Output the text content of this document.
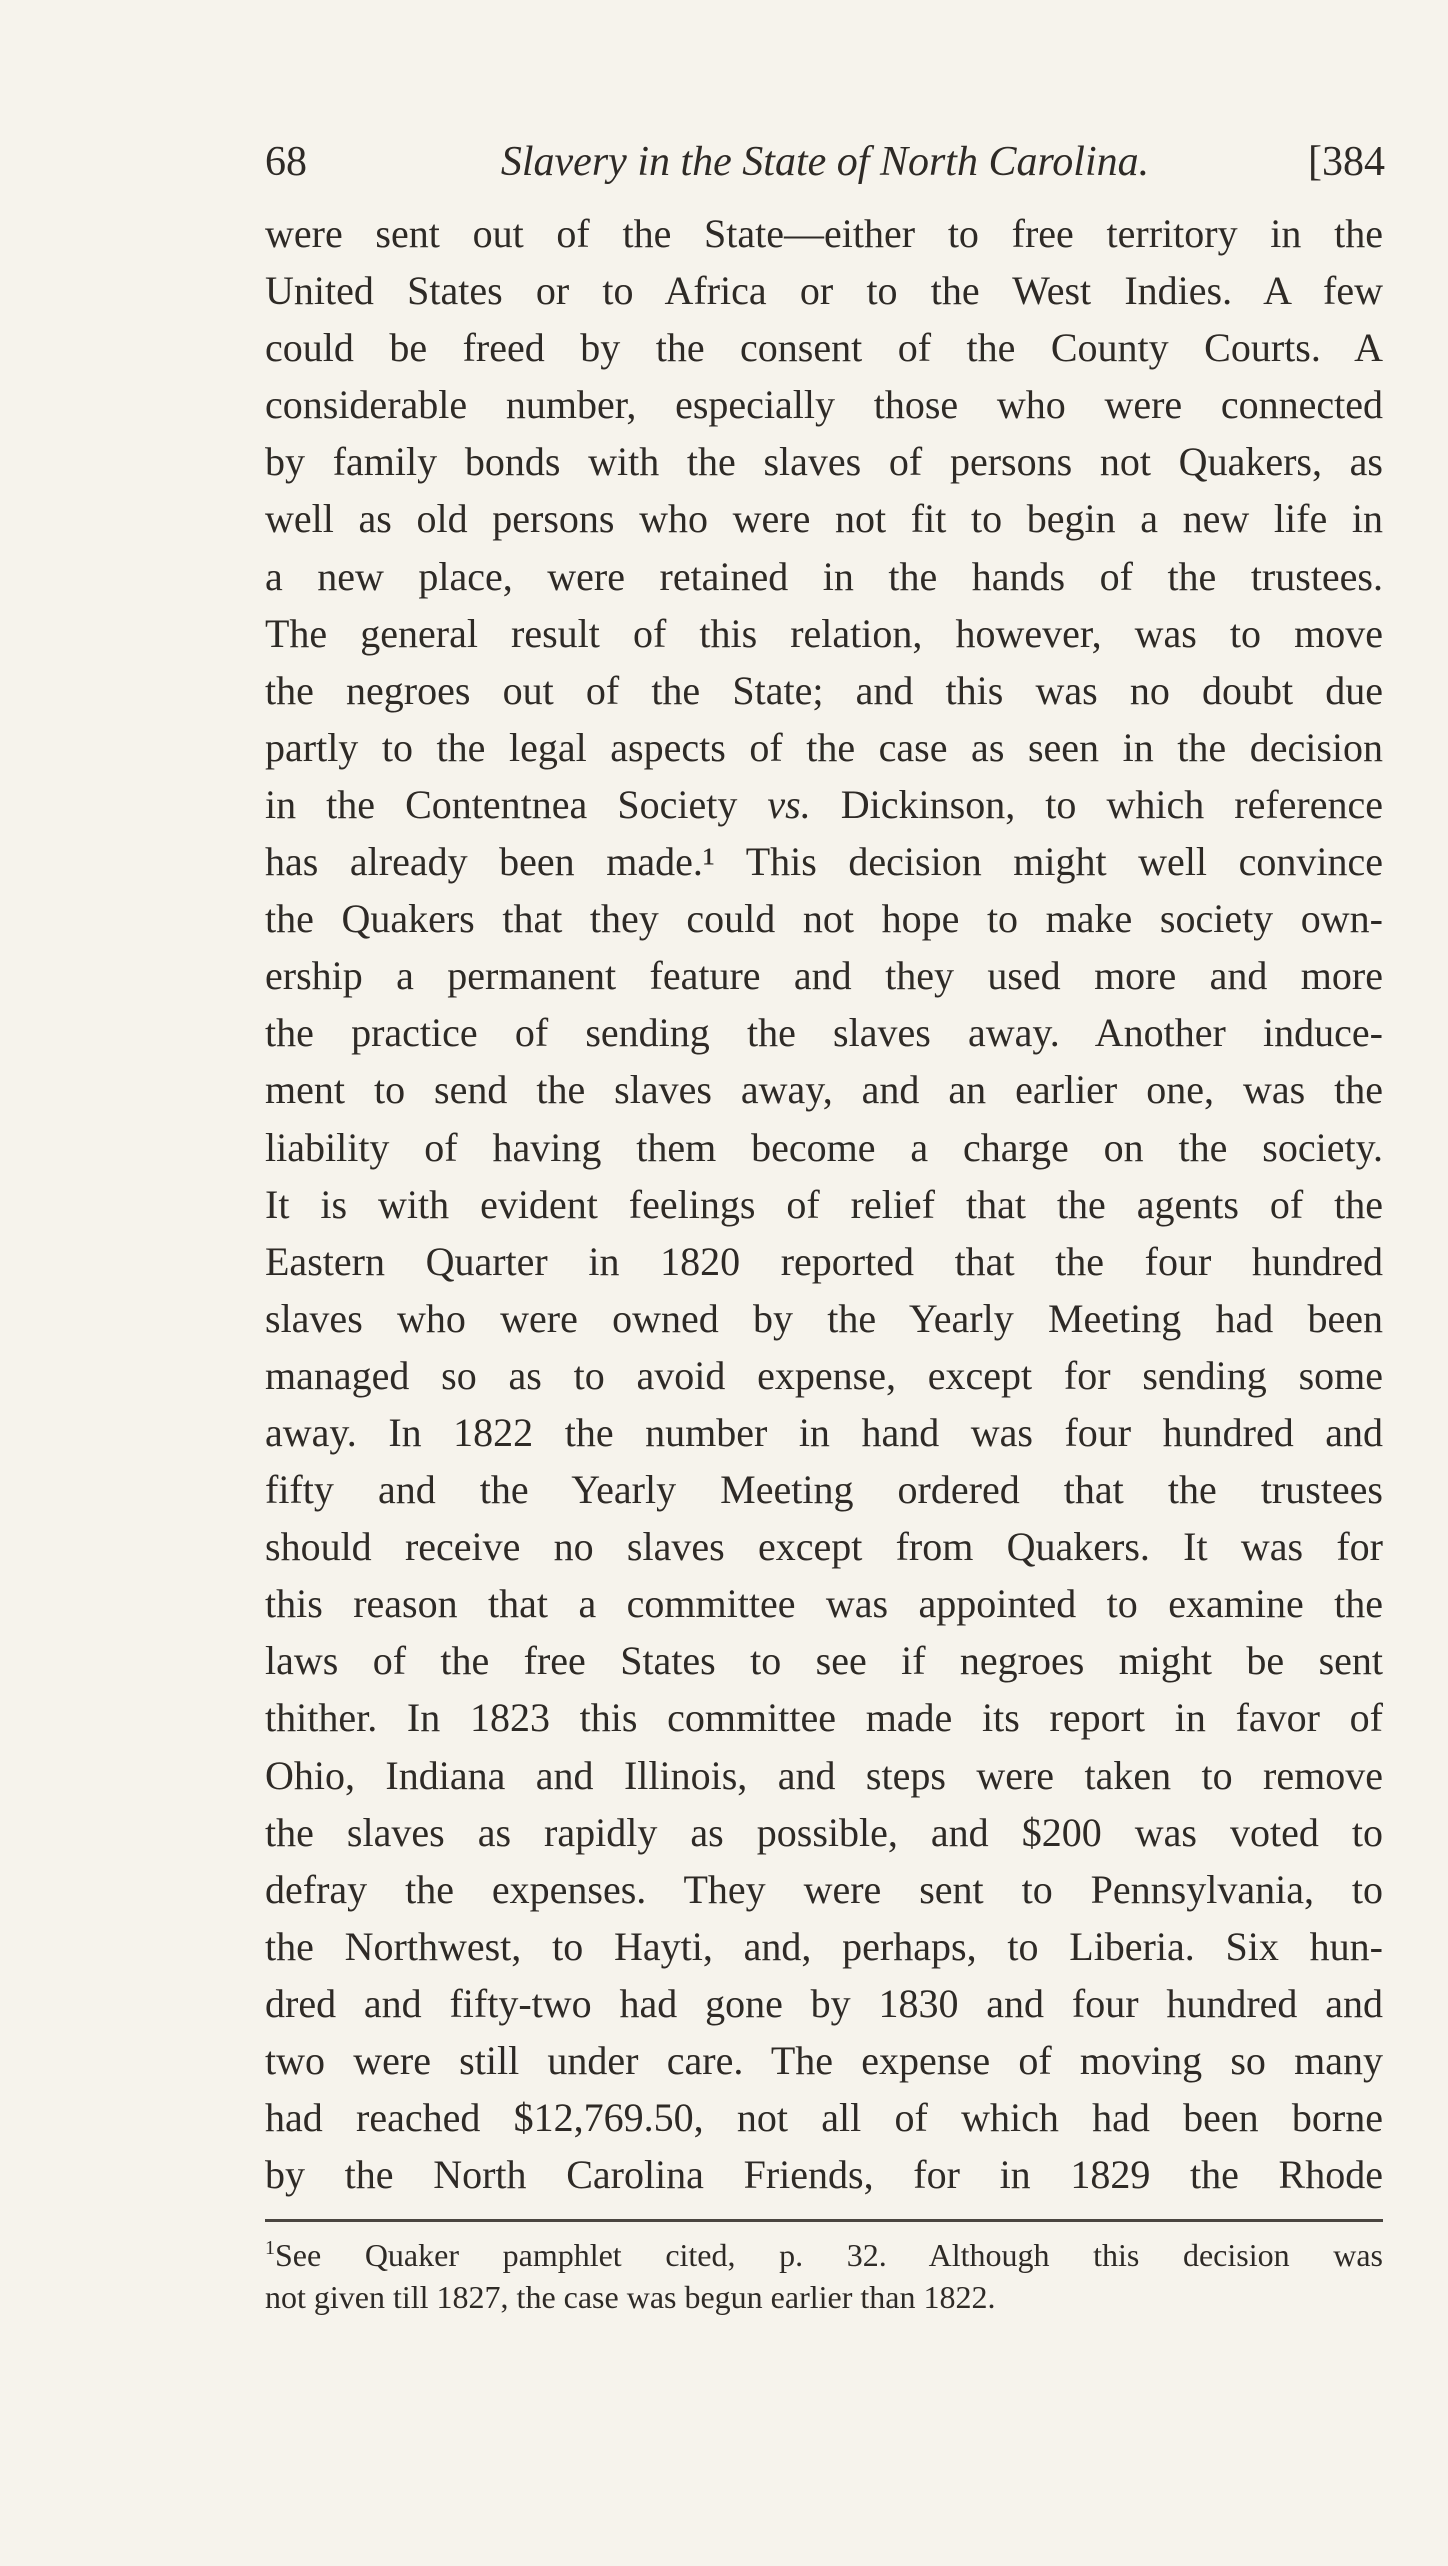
68	Slavery in the State of North Carolina.	[384
were sent out of the State—either to free territory in the
United States or to Africa or to the West Indies. A few
could be freed by the consent of the County Courts. A
considerable number, especially those who were connected
by family bonds with the slaves of persons not Quakers, as
well as old persons who were not fit to begin a new life in
a new place, were retained in the hands of the trustees.
The general result of this relation, however, was to move
the negroes out of the State; and this was no doubt due
partly to the legal aspects of the case as seen in the decision
in the Contentnea Society vs. Dickinson, to which reference
has already been made.¹ This decision might well convince
the Quakers that they could not hope to make society own-
ership a permanent feature and they used more and more
the practice of sending the slaves away. Another induce-
ment to send the slaves away, and an earlier one, was the
liability of having them become a charge on the society.
It is with evident feelings of relief that the agents of the
Eastern Quarter in 1820 reported that the four hundred
slaves who were owned by the Yearly Meeting had been
managed so as to avoid expense, except for sending some
away. In 1822 the number in hand was four hundred and
fifty and the Yearly Meeting ordered that the trustees
should receive no slaves except from Quakers. It was for
this reason that a committee was appointed to examine the
laws of the free States to see if negroes might be sent
thither. In 1823 this committee made its report in favor of
Ohio, Indiana and Illinois, and steps were taken to remove
the slaves as rapidly as possible, and $200 was voted to
defray the expenses. They were sent to Pennsylvania, to
the Northwest, to Hayti, and, perhaps, to Liberia. Six hun-
dred and fifty-two had gone by 1830 and four hundred and
two were still under care. The expense of moving so many
had reached $12,769.50, not all of which had been borne
by the North Carolina Friends, for in 1829 the Rhode
$^1$See Quaker pamphlet cited, p. 32. Although this decision was
not given till 1827, the case was begun earlier than 1822.
